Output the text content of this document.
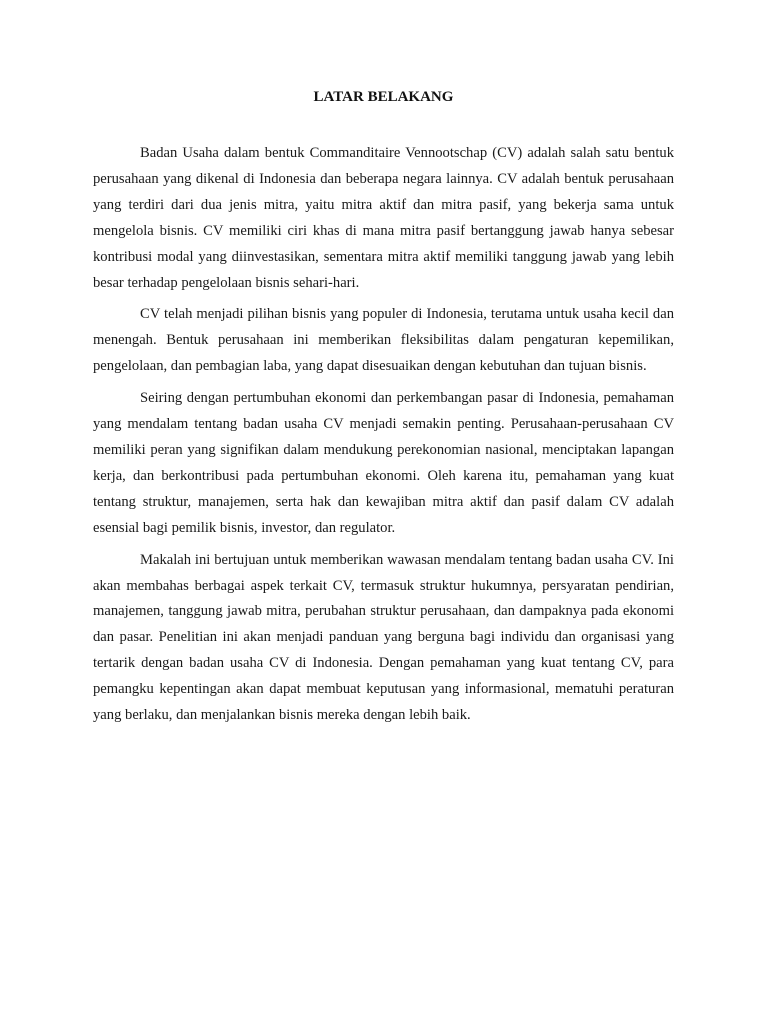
LATAR BELAKANG

Badan Usaha dalam bentuk Commanditaire Vennootschap (CV) adalah salah satu bentuk perusahaan yang dikenal di Indonesia dan beberapa negara lainnya. CV adalah bentuk perusahaan yang terdiri dari dua jenis mitra, yaitu mitra aktif dan mitra pasif, yang bekerja sama untuk mengelola bisnis. CV memiliki ciri khas di mana mitra pasif bertanggung jawab hanya sebesar kontribusi modal yang diinvestasikan, sementara mitra aktif memiliki tanggung jawab yang lebih besar terhadap pengelolaan bisnis sehari-hari.

CV telah menjadi pilihan bisnis yang populer di Indonesia, terutama untuk usaha kecil dan menengah. Bentuk perusahaan ini memberikan fleksibilitas dalam pengaturan kepemilikan, pengelolaan, dan pembagian laba, yang dapat disesuaikan dengan kebutuhan dan tujuan bisnis.

Seiring dengan pertumbuhan ekonomi dan perkembangan pasar di Indonesia, pemahaman yang mendalam tentang badan usaha CV menjadi semakin penting. Perusahaan-perusahaan CV memiliki peran yang signifikan dalam mendukung perekonomian nasional, menciptakan lapangan kerja, dan berkontribusi pada pertumbuhan ekonomi. Oleh karena itu, pemahaman yang kuat tentang struktur, manajemen, serta hak dan kewajiban mitra aktif dan pasif dalam CV adalah esensial bagi pemilik bisnis, investor, dan regulator.

Makalah ini bertujuan untuk memberikan wawasan mendalam tentang badan usaha CV. Ini akan membahas berbagai aspek terkait CV, termasuk struktur hukumnya, persyaratan pendirian, manajemen, tanggung jawab mitra, perubahan struktur perusahaan, dan dampaknya pada ekonomi dan pasar. Penelitian ini akan menjadi panduan yang berguna bagi individu dan organisasi yang tertarik dengan badan usaha CV di Indonesia. Dengan pemahaman yang kuat tentang CV, para pemangku kepentingan akan dapat membuat keputusan yang informasional, mematuhi peraturan yang berlaku, dan menjalankan bisnis mereka dengan lebih baik.
